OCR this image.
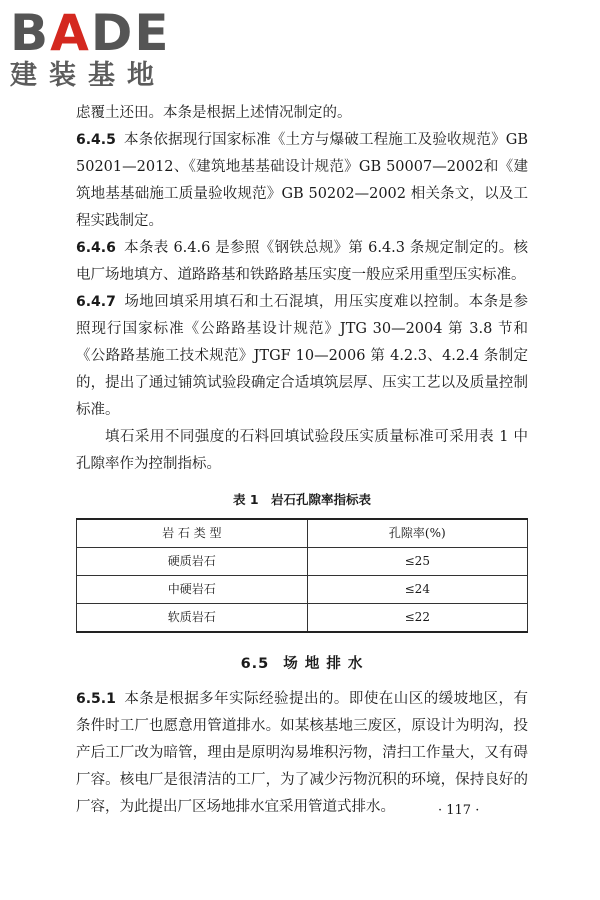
BADE
建装基地

虑覆土还田。本条是根据上述情况制定的。

6.4.5 本条依据现行国家标准《土方与爆破工程施工及验收规范》GB 50201—2012、《建筑地基基础设计规范》GB 50007—2002和《建筑地基基础施工质量验收规范》GB 50202—2002 相关条文，以及工程实践制定。

6.4.6 本条表 6.4.6 是参照《钢铁总规》第 6.4.3 条规定制定的。核电厂场地填方、道路路基和铁路路基压实度一般应采用重型压实标准。

6.4.7 场地回填采用填石和土石混填，用压实度难以控制。本条是参照现行国家标准《公路路基设计规范》JTG 30—2004 第 3.8 节和《公路路基施工技术规范》JTGF 10—2006 第 4.2.3、4.2.4 条制定的，提出了通过铺筑试验段确定合适填筑层厚、压实工艺以及质量控制标准。

填石采用不同强度的石料回填试验段压实质量标准可采用表 1 中孔隙率作为控制指标。

表 1　岩石孔隙率指标表
岩 石 类 型	孔隙率(%)
硬质岩石	≤25
中硬岩石	≤24
软质岩石	≤22
6.5 场 地 排 水

6.5.1 本条是根据多年实际经验提出的。即使在山区的缓坡地区，有条件时工厂也愿意用管道排水。如某核基地三废区，原设计为明沟，投产后工厂改为暗管，理由是原明沟易堆积污物，清扫工作量大，又有碍厂容。核电厂是很清洁的工厂，为了减少污物沉积的环境，保持良好的厂容，为此提出厂区场地排水宜采用管道式排水。	· 117 ·
